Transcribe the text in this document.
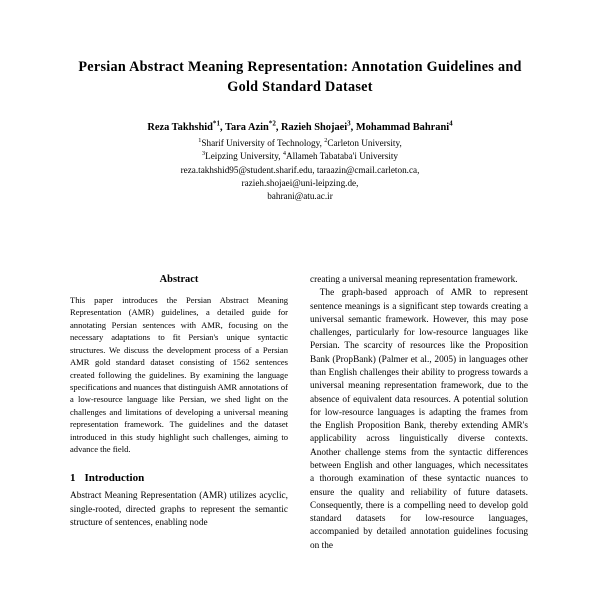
Persian Abstract Meaning Representation: Annotation Guidelines and Gold Standard Dataset
Reza Takhshid$^{*1}$, Tara Azin$^{*2}$, Razieh Shojaei$^3$, Mohammad Bahrani$^4$
$^1$Sharif University of Technology, $^2$Carleton University,
$^3$Leipzing University, $^4$Allameh Tabataba'i University
reza.takhshid95@student.sharif.edu, taraazin@cmail.carleton.ca,
razieh.shojaei@uni-leipzing.de,
bahrani@atu.ac.ir
Abstract

This paper introduces the Persian Abstract Meaning Representation (AMR) guidelines, a detailed guide for annotating Persian sentences with AMR, focusing on the necessary adaptations to fit Persian's unique syntactic structures. We discuss the development process of a Persian AMR gold standard dataset consisting of 1562 sentences created following the guidelines. By examining the language specifications and nuances that distinguish AMR annotations of a low-resource language like Persian, we shed light on the challenges and limitations of developing a universal meaning representation framework. The guidelines and the dataset introduced in this study highlight such challenges, aiming to advance the field.

1 Introduction

Abstract Meaning Representation (AMR) utilizes acyclic, single-rooted, directed graphs to represent the semantic structure of sentences, enabling node

creating a universal meaning representation framework.

The graph-based approach of AMR to represent sentence meanings is a significant step towards creating a universal semantic framework. However, this may pose challenges, particularly for low-resource languages like Persian. The scarcity of resources like the Proposition Bank (PropBank) (Palmer et al., 2005) in languages other than English challenges their ability to progress towards a universal meaning representation framework, due to the absence of equivalent data resources. A potential solution for low-resource languages is adapting the frames from the English Proposition Bank, thereby extending AMR's applicability across linguistically diverse contexts. Another challenge stems from the syntactic differences between English and other languages, which necessitates a thorough examination of these syntactic nuances to ensure the quality and reliability of future datasets. Consequently, there is a compelling need to develop gold standard datasets for low-resource languages, accompanied by detailed annotation guidelines focusing on the
